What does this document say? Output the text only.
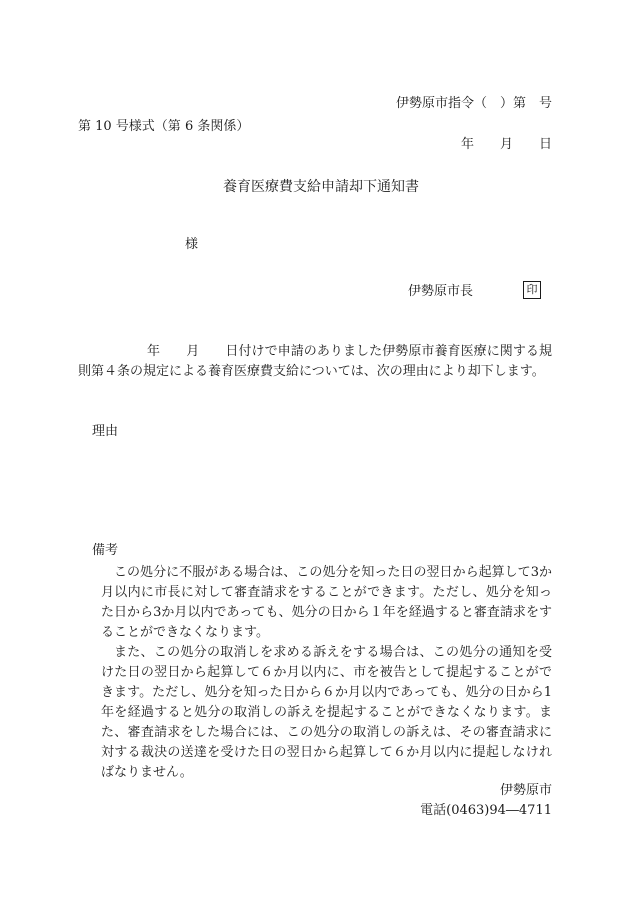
伊勢原市指令（　）第　号
第 10 号様式（第 6 条関係）
年　　月　　日
養育医療費支給申請却下通知書
様
伊勢原市長	印
年　　月　　日付けで申請のありました伊勢原市養育医療に関する規則第４条の規定による養育医療費支給については、次の理由により却下します。
理由
備考

この処分に不服がある場合は、この処分を知った日の翌日から起算して3か月以内に市長に対して審査請求をすることができます。ただし、処分を知った日から3か月以内であっても、処分の日から１年を経過すると審査請求をすることができなくなります。

また、この処分の取消しを求める訴えをする場合は、この処分の通知を受けた日の翌日から起算して６か月以内に、市を被告として提起することができます。ただし、処分を知った日から６か月以内であっても、処分の日から1年を経過すると処分の取消しの訴えを提起することができなくなります。また、審査請求をした場合には、この処分の取消しの訴えは、その審査請求に対する裁決の送達を受けた日の翌日から起算して６か月以内に提起しなければなりません。

伊勢原市
電話(0463)94―4711
